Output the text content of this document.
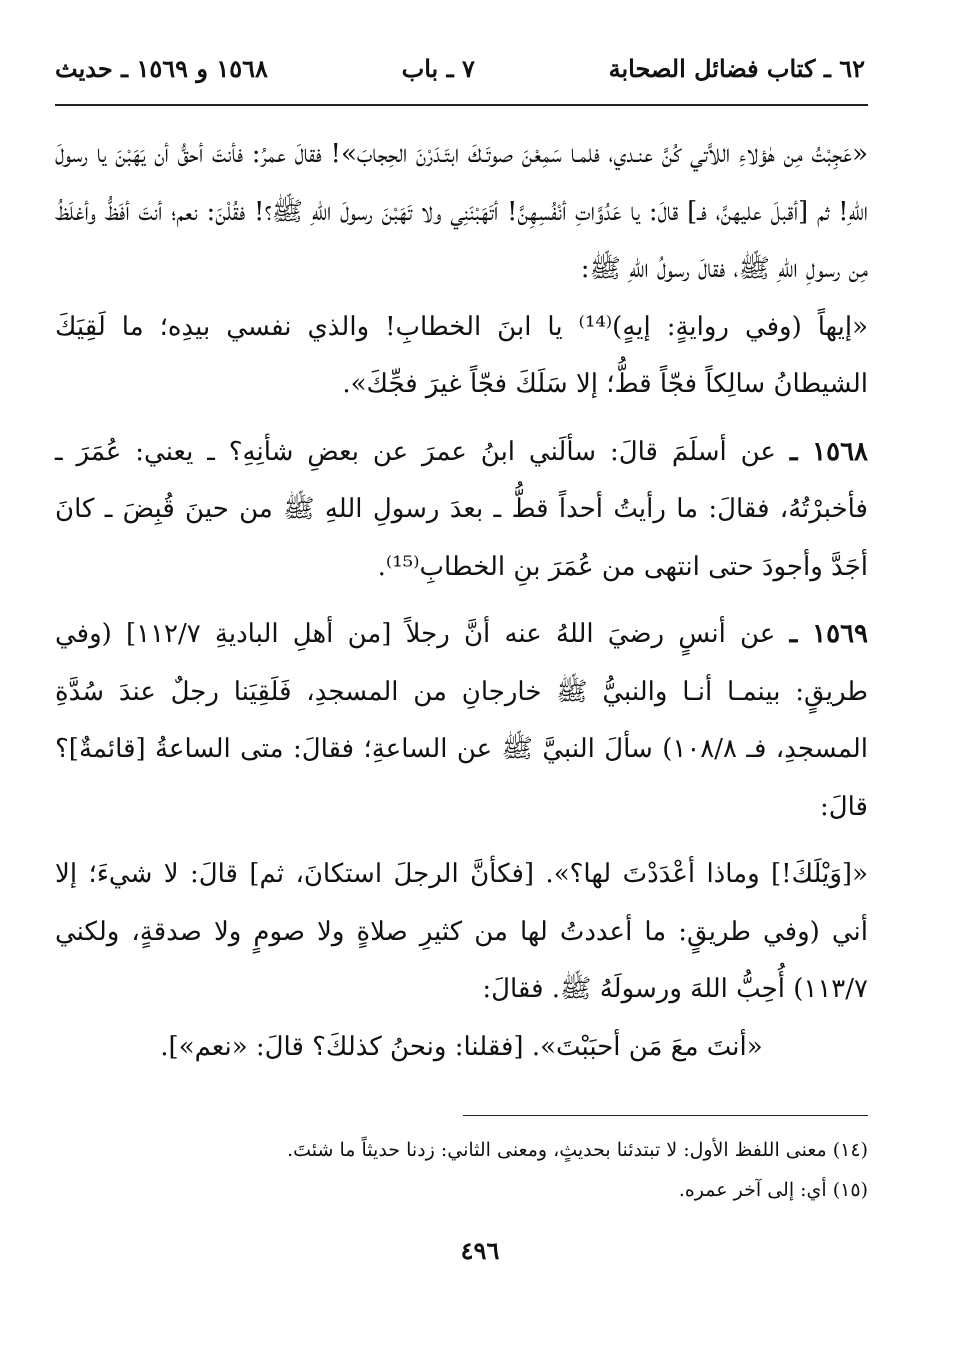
٦٢ ـ كتاب فضائل الصحابة
٧ ـ باب
١٥٦٨ و ١٥٦٩ ـ حديث

«عَجِبْتُ مِن هٰؤلاءِ اللاَّتي كُنَّ عنـدي، فلمـا سَمِعْنَ صوتَـكَ ابتَـدَرْنَ الحِجابَ»! فقالَ عمرُ: فأنتَ أحقُّ أن يَهَبْنَ يا رسولَ اللهِ! ثم [أقبلَ عليهنَّ، فـ] قالَ: يا عَدُوَّاتِ أنْفُسِهِنَّ! أتَهَبْنَنِي ولا تَهَبْنَ رسولَ اللهِ ﷺ؟! فقُلْنَ: نعم؛ أنتَ أفَظُّ وأغلَظُ مِن رسولِ اللهِ ﷺ، فقالَ رسولُ اللهِ ﷺ:

«إيهاً (وفي روايةٍ: إيهٍ)⁽¹⁴⁾ يا ابنَ الخطابِ! والذي نفسي بيدِه؛ ما لَقِيَكَ الشيطانُ سالِكاً فجّاً قطُّ؛ إلا سَلَكَ فجّاً غيرَ فجِّكَ».

١٥٦٨ ـ عن أسلَمَ قالَ: سألَني ابنُ عمرَ عن بعضِ شأنِهِ؟ ـ يعني: عُمَرَ ـ فأخبرْتُهُ، فقالَ: ما رأيتُ أحداً قطُّ ـ بعدَ رسولِ اللهِ ﷺ من حينَ قُبِضَ ـ كانَ أجَدَّ وأجودَ حتى انتهى من عُمَرَ بنِ الخطابِ⁽¹⁵⁾.

١٥٦٩ ـ عن أنسٍ رضيَ اللهُ عنه أنَّ رجلاً [من أهلِ الباديةِ ١١٢/٧] (وفي طريقٍ: بينمـا أنـا والنبيُّ ﷺ خارجانِ من المسجدِ، فَلَقِيَنا رجلٌ عندَ سُدَّةِ المسجدِ، فـ ١٠٨/٨) سألَ النبيَّ ﷺ عن الساعةِ؛ فقالَ: متى الساعةُ [قائمةٌ]؟ قالَ:

«[وَيْلَكَ!] وماذا أعْدَدْتَ لها؟». [فكأنَّ الرجلَ استكانَ، ثم] قالَ: لا شيءَ؛ إلا أني (وفي طريقٍ: ما أعددتُ لها من كثيرِ صلاةٍ ولا صومٍ ولا صدقةٍ، ولكني ١١٣/٧) أُحِبُّ اللهَ ورسولَهُ ﷺ. فقالَ:

«أنتَ معَ مَن أحبَبْتَ». [فقلنا: ونحنُ كذلكَ؟ قالَ: «نعم»].

(١٤) معنى اللفظ الأول: لا تبتدئنا بحديثٍ، ومعنى الثاني: زدنا حديثاً ما شئتَ.

(١٥) أي: إلى آخر عمره.

٤٩٦
